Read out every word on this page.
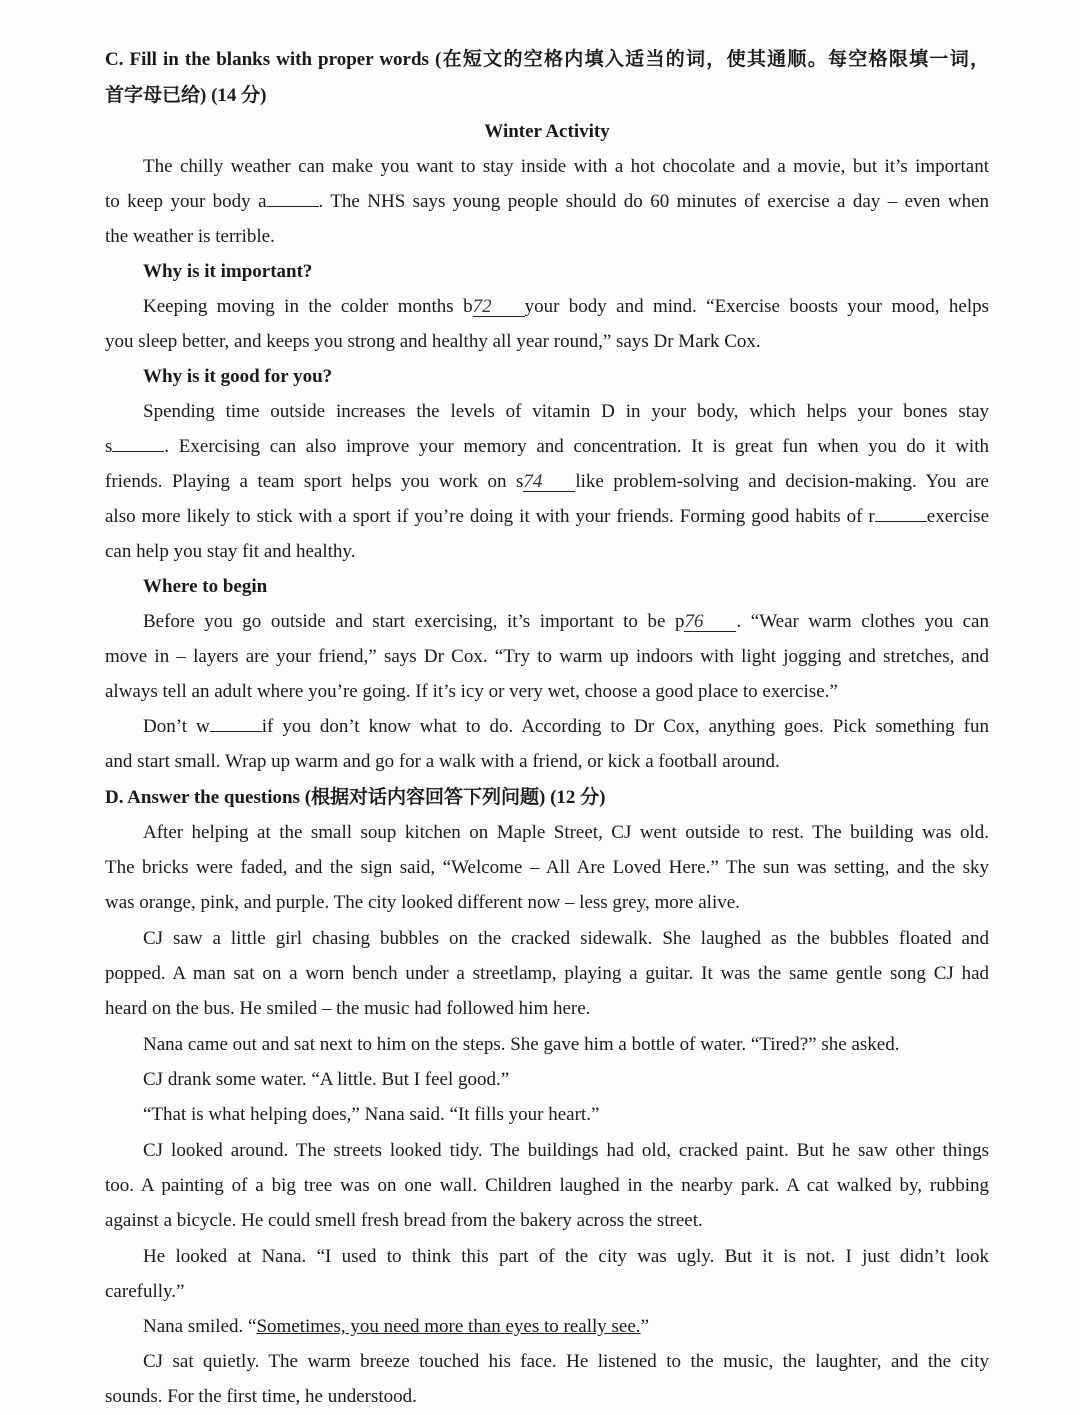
C. Fill in the blanks with proper words (在短文的空格内填入适当的词，使其通顺。每空格限填一词，
首字母已给) (14 分)
Winter Activity
The chilly weather can make you want to stay inside with a hot chocolate and a movie, but it’s important
to keep your body a	. The NHS says young people should do 60 minutes of exercise a day – even when
the weather is terrible.
Why is it important?
Keeping moving in the colder months b72 your body and mind. “Exercise boosts your mood, helps
you sleep better, and keeps you strong and healthy all year round,” says Dr Mark Cox.
Why is it good for you?
Spending time outside increases the levels of vitamin D in your body, which helps your bones stay
s	. Exercising can also improve your memory and concentration. It is great fun when you do it with
friends. Playing a team sport helps you work on s74 like problem-solving and decision-making. You are
also more likely to stick with a sport if you’re doing it with your friends. Forming good habits of r	exercise
can help you stay fit and healthy.
Where to begin
Before you go outside and start exercising, it’s important to be p76 . “Wear warm clothes you can
move in – layers are your friend,” says Dr Cox. “Try to warm up indoors with light jogging and stretches, and
always tell an adult where you’re going. If it’s icy or very wet, choose a good place to exercise.”
Don’t w	if you don’t know what to do. According to Dr Cox, anything goes. Pick something fun
and start small. Wrap up warm and go for a walk with a friend, or kick a football around.
D. Answer the questions (根据对话内容回答下列问题) (12 分)
After helping at the small soup kitchen on Maple Street, CJ went outside to rest. The building was old.
The bricks were faded, and the sign said, “Welcome – All Are Loved Here.” The sun was setting, and the sky
was orange, pink, and purple. The city looked different now – less grey, more alive.
CJ saw a little girl chasing bubbles on the cracked sidewalk. She laughed as the bubbles floated and
popped. A man sat on a worn bench under a streetlamp, playing a guitar. It was the same gentle song CJ had
heard on the bus. He smiled – the music had followed him here.
Nana came out and sat next to him on the steps. She gave him a bottle of water. “Tired?” she asked.
CJ drank some water. “A little. But I feel good.”
“That is what helping does,” Nana said. “It fills your heart.”
CJ looked around. The streets looked tidy. The buildings had old, cracked paint. But he saw other things
too. A painting of a big tree was on one wall. Children laughed in the nearby park. A cat walked by, rubbing
against a bicycle. He could smell fresh bread from the bakery across the street.
He looked at Nana. “I used to think this part of the city was ugly. But it is not. I just didn’t look
carefully.”
Nana smiled. “Sometimes, you need more than eyes to really see.”
CJ sat quietly. The warm breeze touched his face. He listened to the music, the laughter, and the city
sounds. For the first time, he understood.
